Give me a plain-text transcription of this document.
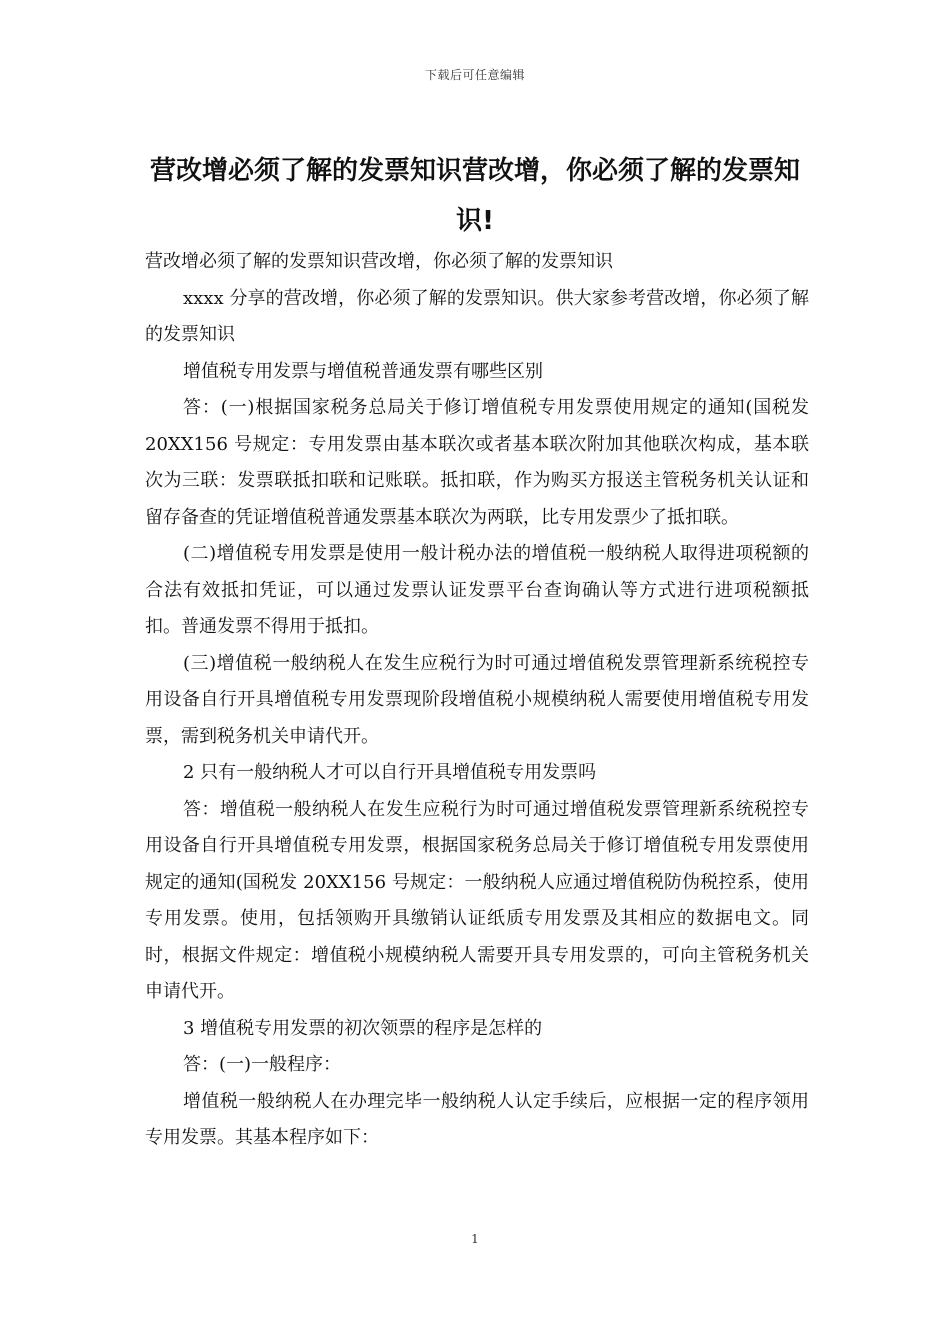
下载后可任意编辑
营改增必须了解的发票知识营改增，你必须了解的发票知识!

营改增必须了解的发票知识营改增，你必须了解的发票知识

xxxx 分享的营改增，你必须了解的发票知识。供大家参考营改增，你必须了解的发票知识

增值税专用发票与增值税普通发票有哪些区别

答：(一)根据国家税务总局关于修订增值税专用发票使用规定的通知(国税发 20XX156 号规定：专用发票由基本联次或者基本联次附加其他联次构成，基本联次为三联：发票联抵扣联和记账联。抵扣联，作为购买方报送主管税务机关认证和留存备查的凭证增值税普通发票基本联次为两联，比专用发票少了抵扣联。

(二)增值税专用发票是使用一般计税办法的增值税一般纳税人取得进项税额的合法有效抵扣凭证，可以通过发票认证发票平台查询确认等方式进行进项税额抵扣。普通发票不得用于抵扣。

(三)增值税一般纳税人在发生应税行为时可通过增值税发票管理新系统税控专用设备自行开具增值税专用发票现阶段增值税小规模纳税人需要使用增值税专用发票，需到税务机关申请代开。

2 只有一般纳税人才可以自行开具增值税专用发票吗

答：增值税一般纳税人在发生应税行为时可通过增值税发票管理新系统税控专用设备自行开具增值税专用发票，根据国家税务总局关于修订增值税专用发票使用规定的通知(国税发 20XX156 号规定：一般纳税人应通过增值税防伪税控系，使用专用发票。使用，包括领购开具缴销认证纸质专用发票及其相应的数据电文。同时，根据文件规定：增值税小规模纳税人需要开具专用发票的，可向主管税务机关申请代开。

3 增值税专用发票的初次领票的程序是怎样的

答：(一)一般程序：

增值税一般纳税人在办理完毕一般纳税人认定手续后，应根据一定的程序领用专用发票。其基本程序如下：

1
